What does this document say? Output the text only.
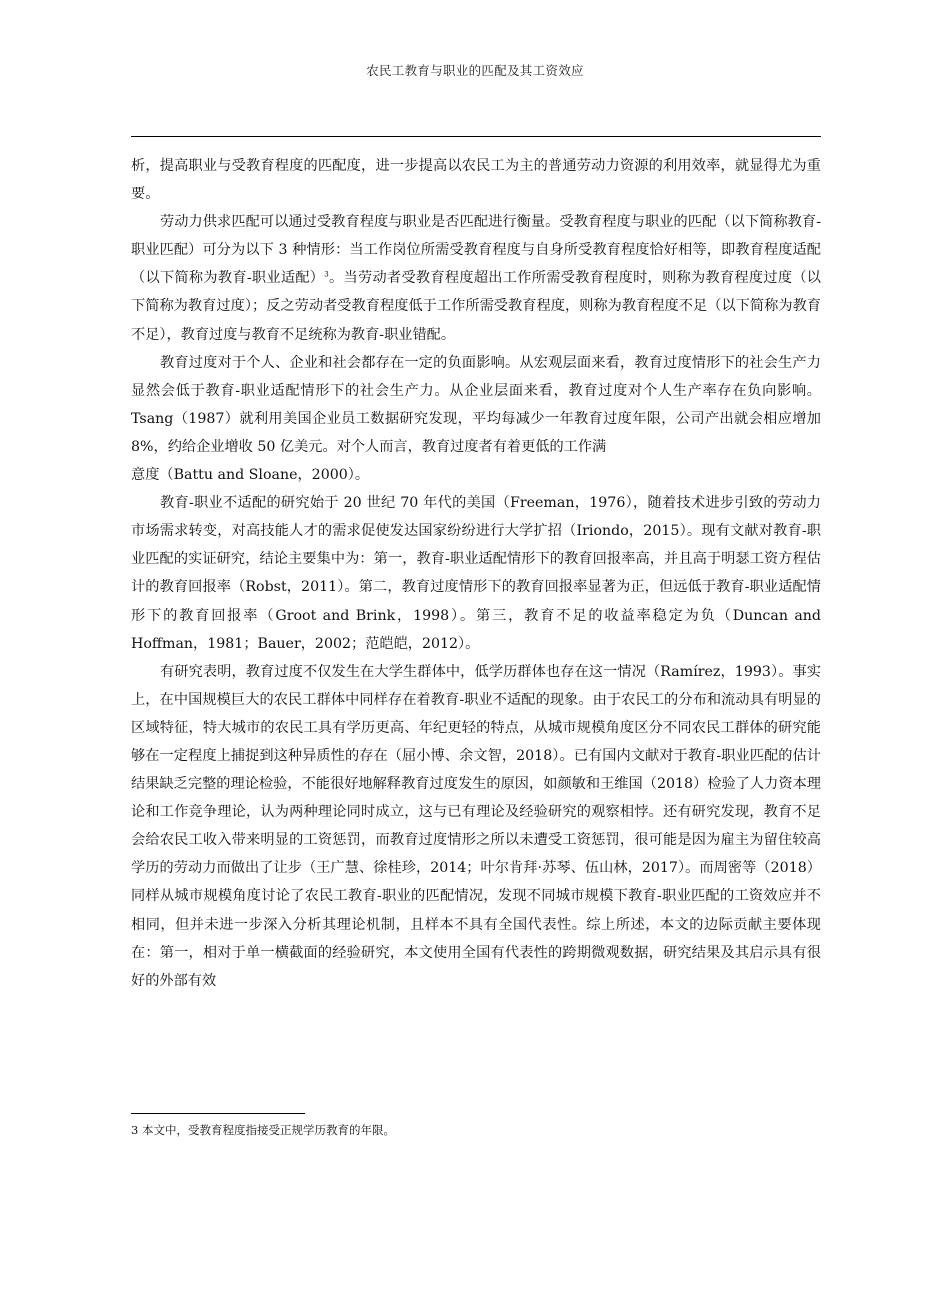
农民工教育与职业的匹配及其工资效应

析，提高职业与受教育程度的匹配度，进一步提高以农民工为主的普通劳动力资源的利用效率，就显得尤为重要。

劳动力供求匹配可以通过受教育程度与职业是否匹配进行衡量。受教育程度与职业的匹配（以下简称教育-职业匹配）可分为以下 3 种情形：当工作岗位所需受教育程度与自身所受教育程度恰好相等，即教育程度适配（以下简称为教育-职业适配）$^3$。当劳动者受教育程度超出工作所需受教育程度时，则称为教育程度过度（以下简称为教育过度）；反之劳动者受教育程度低于工作所需受教育程度，则称为教育程度不足（以下简称为教育不足），教育过度与教育不足统称为教育-职业错配。

教育过度对于个人、企业和社会都存在一定的负面影响。从宏观层面来看，教育过度情形下的社会生产力显然会低于教育-职业适配情形下的社会生产力。从企业层面来看，教育过度对个人生产率存在负向影响。Tsang（1987）就利用美国企业员工数据研究发现，平均每减少一年教育过度年限，公司产出就会相应增加 8%，约给企业增收 50 亿美元。对个人而言，教育过度者有着更低的工作满

意度（Battu and Sloane，2000）。

教育-职业不适配的研究始于 20 世纪 70 年代的美国（Freeman，1976），随着技术进步引致的劳动力市场需求转变，对高技能人才的需求促使发达国家纷纷进行大学扩招（Iriondo，2015）。现有文献对教育-职业匹配的实证研究，结论主要集中为：第一，教育-职业适配情形下的教育回报率高，并且高于明瑟工资方程估计的教育回报率（Robst，2011）。第二，教育过度情形下的教育回报率显著为正，但远低于教育-职业适配情形下的教育回报率（Groot and Brink，1998）。第三，教育不足的收益率稳定为负（Duncan and Hoffman，1981；Bauer，2002；范皑皑，2012）。

有研究表明，教育过度不仅发生在大学生群体中，低学历群体也存在这一情况（Ramírez，1993）。事实上，在中国规模巨大的农民工群体中同样存在着教育-职业不适配的现象。由于农民工的分布和流动具有明显的区域特征，特大城市的农民工具有学历更高、年纪更轻的特点，从城市规模角度区分不同农民工群体的研究能够在一定程度上捕捉到这种异质性的存在（屈小博、余文智，2018）。已有国内文献对于教育-职业匹配的估计结果缺乏完整的理论检验，不能很好地解释教育过度发生的原因，如颜敏和王维国（2018）检验了人力资本理论和工作竞争理论，认为两种理论同时成立，这与已有理论及经验研究的观察相悖。还有研究发现，教育不足会给农民工收入带来明显的工资惩罚，而教育过度情形之所以未遭受工资惩罚，很可能是因为雇主为留住较高学历的劳动力而做出了让步（王广慧、徐桂珍，2014；叶尔肯拜·苏琴、伍山林，2017）。而周密等（2018）同样从城市规模角度讨论了农民工教育-职业的匹配情况，发现不同城市规模下教育-职业匹配的工资效应并不相同，但并未进一步深入分析其理论机制，且样本不具有全国代表性。综上所述，本文的边际贡献主要体现在：第一，相对于单一横截面的经验研究，本文使用全国有代表性的跨期微观数据，研究结果及其启示具有很好的外部有效

3 本文中，受教育程度指接受正规学历教育的年限。
